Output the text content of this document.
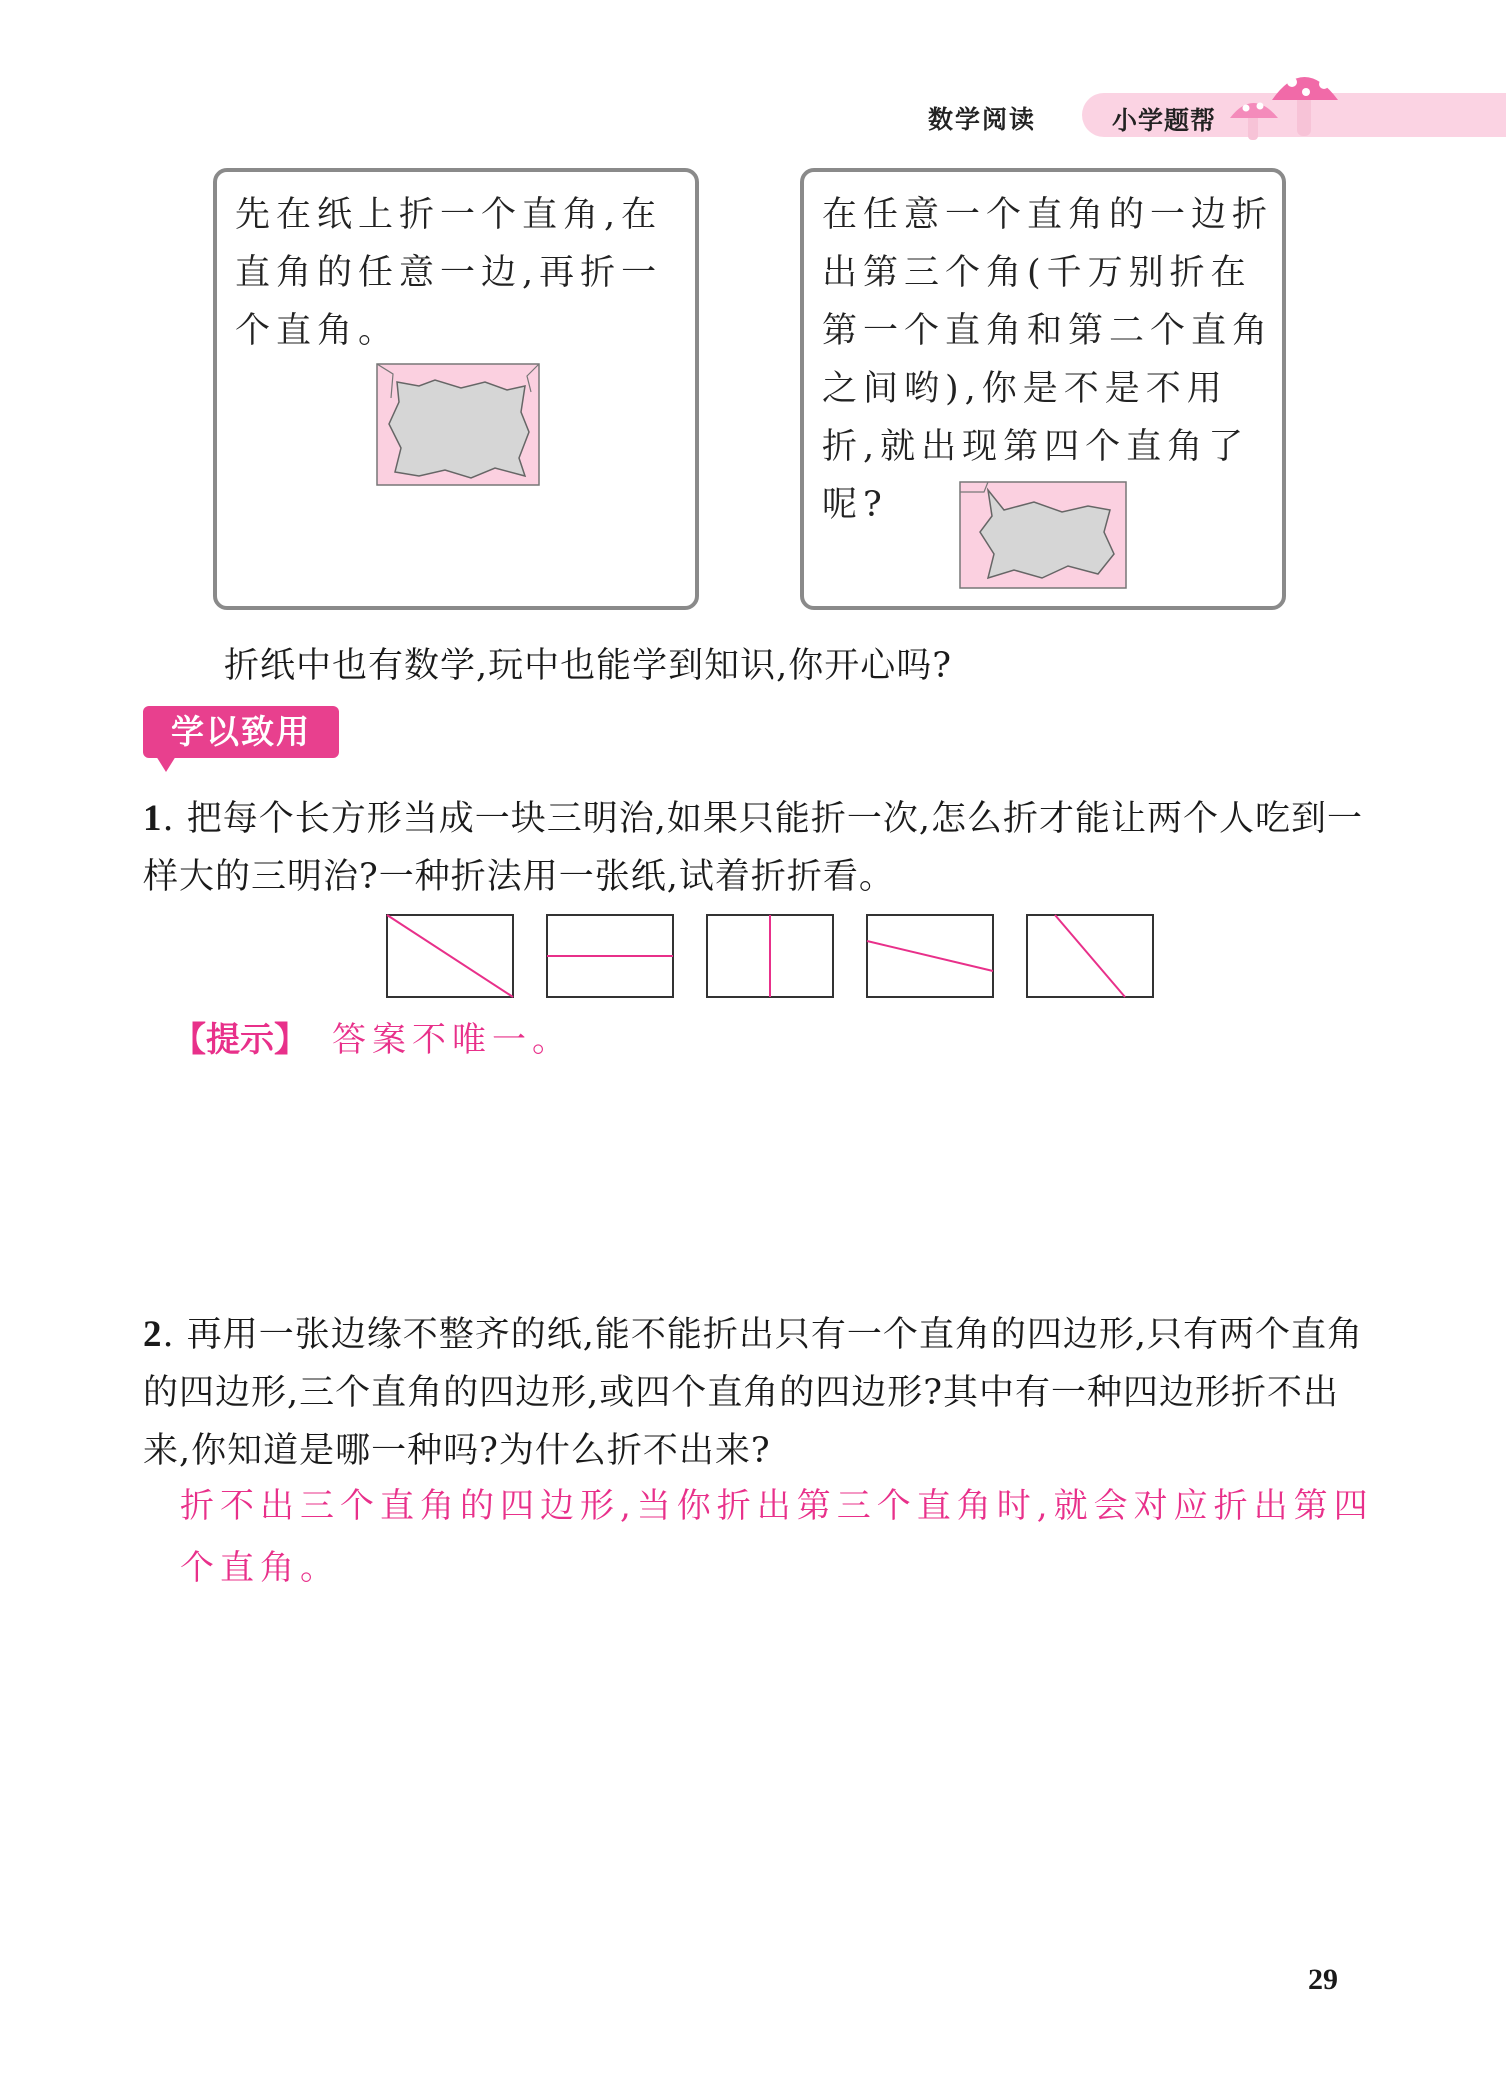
数学阅读	小学题帮
先在纸上折一个直角,在直角的任意一边,再折一个直角。
在任意一个直角的一边折出第三个角(千万别折在第一个直角和第二个直角之间哟),你是不是不用折,就出现第四个直角了呢?
折纸中也有数学,玩中也能学到知识,你开心吗?
学以致用
1. 把每个长方形当成一块三明治,如果只能折一次,怎么折才能让两个人吃到一样大的三明治?一种折法用一张纸,试着折折看。
【提示】 答案不唯一。
2. 再用一张边缘不整齐的纸,能不能折出只有一个直角的四边形,只有两个直角的四边形,三个直角的四边形,或四个直角的四边形?其中有一种四边形折不出来,你知道是哪一种吗?为什么折不出来?
折不出三个直角的四边形,当你折出第三个直角时,就会对应折出第四个直角。
29
